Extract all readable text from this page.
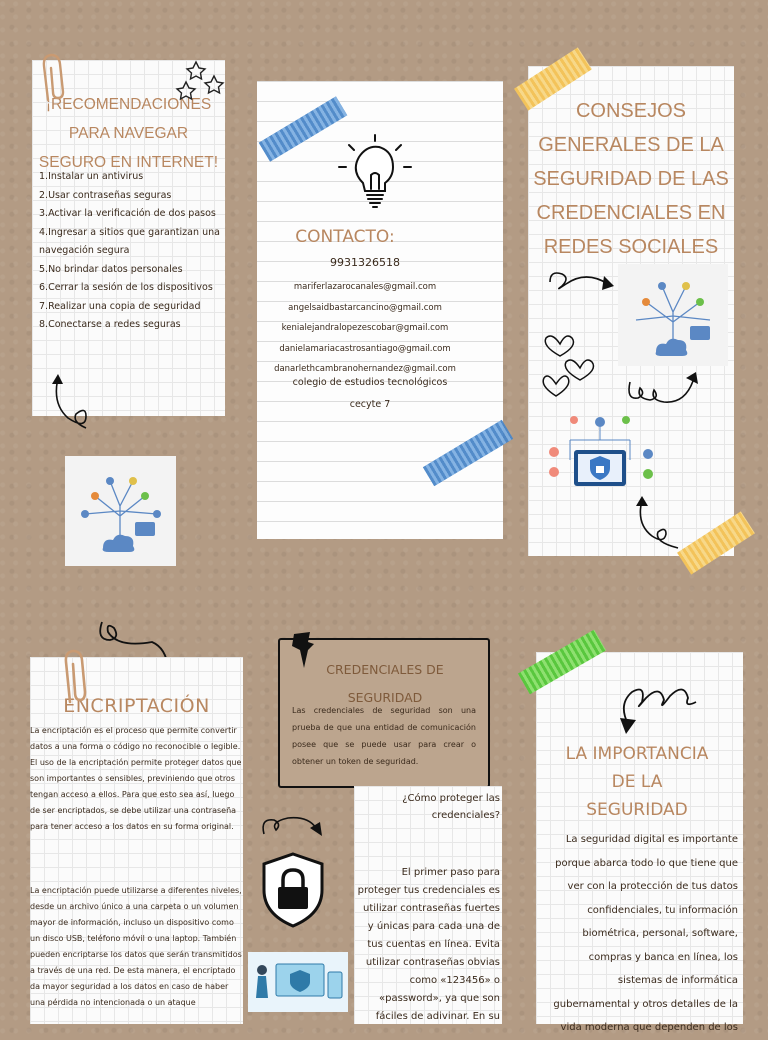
¡RECOMENDACIONES PARA NAVEGAR SEGURO EN INTERNET!
1.Instalar un antivirus
2.Usar contraseñas seguras
3.Activar la verificación de dos pasos
4.Ingresar a sitios que garantizan una navegación segura
5.No brindar datos personales
6.Cerrar la sesión de los dispositivos
7.Realizar una copia de seguridad
8.Conectarse a redes seguras
CONTACTO:
9931326518
mariferlazarocanales@gmail.com
angelsaidbastarcancino@gmail.com
kenialejandralopezescobar@gmail.com
danielamariacastrosantiago@gmail.com
danarlethcambranohernandez@gmail.com
colegio de estudios tecnológicos
cecyte 7
CONSEJOS GENERALES DE LA SEGURIDAD DE LAS CREDENCIALES EN REDES SOCIALES
ENCRIPTACIÓN
La encriptación es el proceso que permite convertir datos a una forma o código no reconocible o legible. El uso de la encriptación permite proteger datos que son importantes o sensibles, previniendo que otros tengan acceso a ellos. Para que esto sea así, luego de ser encriptados, se debe utilizar una contraseña para tener acceso a los datos en su forma original.
La encriptación puede utilizarse a diferentes niveles, desde un archivo único a una carpeta o un volumen mayor de información, incluso un dispositivo como un disco USB, teléfono móvil o una laptop. También pueden encriptarse los datos que serán transmitidos a través de una red. De esta manera, el encriptado da mayor seguridad a los datos en caso de haber una pérdida no intencionada o un ataque
CREDENCIALES DE SEGURIDAD
Las credenciales de seguridad son una prueba de que una entidad de comunicación posee que se puede usar para crear o obtener un token de seguridad.
¿Cómo proteger las credenciales?
El primer paso para proteger tus credenciales es utilizar contraseñas fuertes y únicas para cada una de tus cuentas en línea. Evita utilizar contraseñas obvias como «123456» o «password», ya que son fáciles de adivinar. En su
LA IMPORTANCIA DE LA SEGURIDAD
La seguridad digital es importante porque abarca todo lo que tiene que ver con la protección de tus datos confidenciales, tu información biométrica, personal, software, compras y banca en línea, los sistemas de informática gubernamental y otros detalles de la vida moderna que dependen de los
